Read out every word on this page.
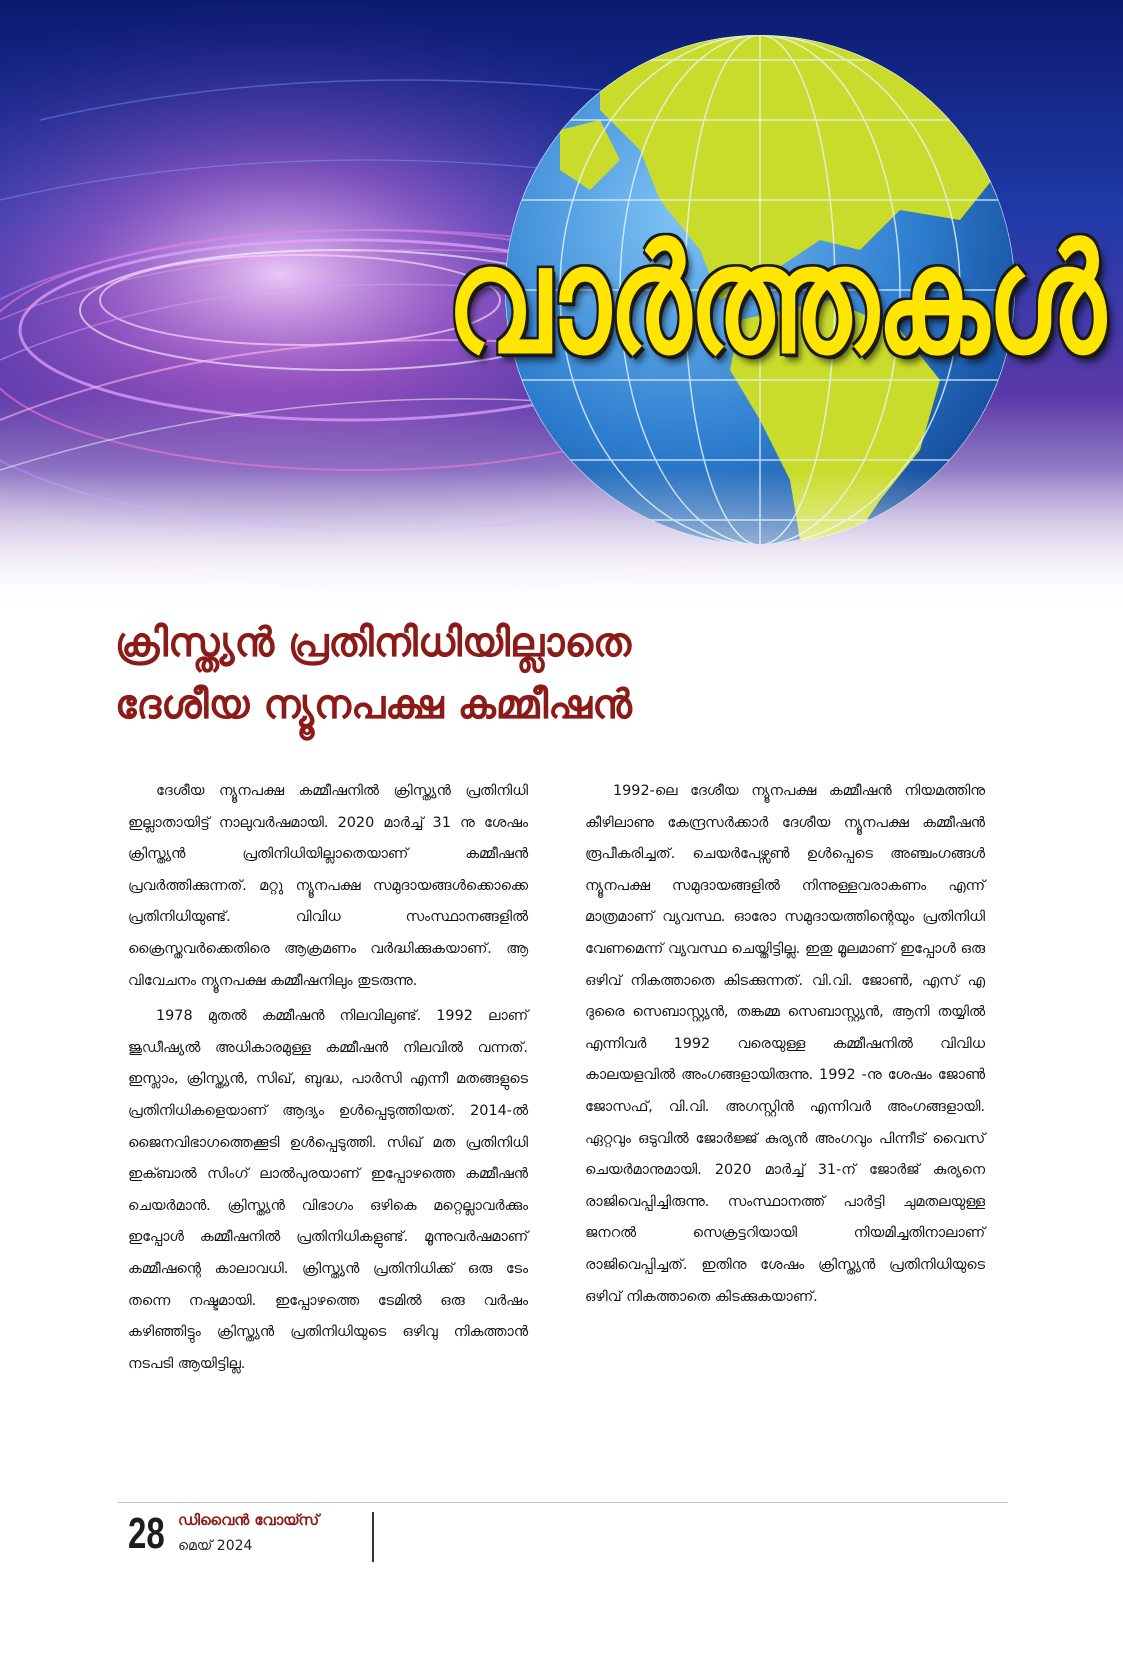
വാർത്തകൾ
ക്രിസ്ത്യൻ പ്രതിനിധിയില്ലാതെ
ദേശീയ ന്യൂനപക്ഷ കമ്മീഷൻ

ദേശീയ ന്യൂനപക്ഷ കമ്മീഷനിൽ ക്രിസ്ത്യൻ പ്രതിനിധി ഇല്ലാതായിട്ട് നാലുവർഷമായി. 2020 മാർച്ച് 31 നു ശേഷം ക്രിസ്ത്യൻ പ്രതിനിധിയില്ലാതെയാണ് കമ്മീഷൻ പ്രവർത്തിക്കുന്നത്. മറ്റു ന്യൂനപക്ഷ സമുദായങ്ങൾക്കൊക്കെ പ്രതിനിധിയുണ്ട്. വിവിധ സംസ്ഥാനങ്ങളിൽ ക്രൈസ്തവർക്കെതിരെ ആക്രമണം വർദ്ധിക്കുകയാണ്. ആ വിവേചനം ന്യൂനപക്ഷ കമ്മീഷനിലും തുടരുന്നു.

1978 മുതൽ കമ്മീഷൻ നിലവിലുണ്ട്. 1992 ലാണ് ജുഡീഷ്യൽ അധികാരമുള്ള കമ്മീഷൻ നിലവിൽ വന്നത്. ഇസ്ലാം, ക്രിസ്ത്യൻ, സിഖ്, ബുദ്ധ, പാർസി എന്നീ മതങ്ങളുടെ പ്രതിനിധികളെയാണ് ആദ്യം ഉൾപ്പെടുത്തിയത്. 2014-ൽ ജൈനവിഭാഗത്തെക്കൂടി ഉൾപ്പെടുത്തി. സിഖ് മത പ്രതിനിധി ഇക്ബാൽ സിംഗ് ലാൽപുരയാണ് ഇപ്പോഴത്തെ കമ്മീഷൻ ചെയർമാൻ. ക്രിസ്ത്യൻ വിഭാഗം ഒഴികെ മറ്റെല്ലാവർക്കും ഇപ്പോൾ കമ്മീഷനിൽ പ്രതിനിധികളുണ്ട്. മൂന്നുവർഷമാണ് കമ്മീഷന്റെ കാലാവധി. ക്രിസ്ത്യൻ പ്രതിനിധിക്ക് ഒരു ടേം തന്നെ നഷ്ടമായി. ഇപ്പോഴത്തെ ടേമിൽ ഒരു വർഷം കഴിഞ്ഞിട്ടും ക്രിസ്ത്യൻ പ്രതിനിധിയുടെ ഒഴിവു നികത്താൻ നടപടി ആയിട്ടില്ല.

1992-ലെ ദേശീയ ന്യൂനപക്ഷ കമ്മീഷൻ നിയമത്തിനു കീഴിലാണു കേന്ദ്രസർക്കാർ ദേശീയ ന്യൂനപക്ഷ കമ്മീഷൻ രൂപീകരിച്ചത്. ചെയർപേഴ്സൺ ഉൾപ്പെടെ അഞ്ചംഗങ്ങൾ ന്യൂനപക്ഷ സമുദായങ്ങളിൽ നിന്നുള്ളവരാകണം എന്ന് മാത്രമാണ് വ്യവസ്ഥ. ഓരോ സമുദായത്തിന്റെയും പ്രതിനിധി വേണമെന്ന് വ്യവസ്ഥ ചെയ്തിട്ടില്ല. ഇതു മൂലമാണ് ഇപ്പോൾ ഒരു ഒഴിവ് നികത്താതെ കിടക്കുന്നത്. വി.വി. ജോൺ, എസ് എ ദുരൈ സെബാസ്റ്റ്യൻ, തങ്കമ്മ സെബാസ്റ്റ്യൻ, ആനി തയ്യിൽ എന്നിവർ 1992 വരെയുള്ള കമ്മീഷനിൽ വിവിധ കാലയളവിൽ അംഗങ്ങളായിരുന്നു. 1992 -നു ശേഷം ജോൺ ജോസഫ്, വി.വി. അഗസ്റ്റിൻ എന്നിവർ അംഗങ്ങളായി. ഏറ്റവും ഒടുവിൽ ജോർജ്ജ് കുര്യൻ അംഗവും പിന്നീട് വൈസ് ചെയർമാനുമായി. 2020 മാർച്ച് 31-ന് ജോർജ് കുര്യനെ രാജിവെപ്പിച്ചിരുന്നു. സംസ്ഥാനത്ത് പാർട്ടി ചുമതലയുള്ള ജനറൽ സെക്രട്ടറിയായി നിയമിച്ചതിനാലാണ് രാജിവെപ്പിച്ചത്. ഇതിനു ശേഷം ക്രിസ്ത്യൻ പ്രതിനിധിയുടെ ഒഴിവ് നികത്താതെ കിടക്കുകയാണ്.

28 ഡിവൈൻ വോയ്സ്
മെയ് 2024
